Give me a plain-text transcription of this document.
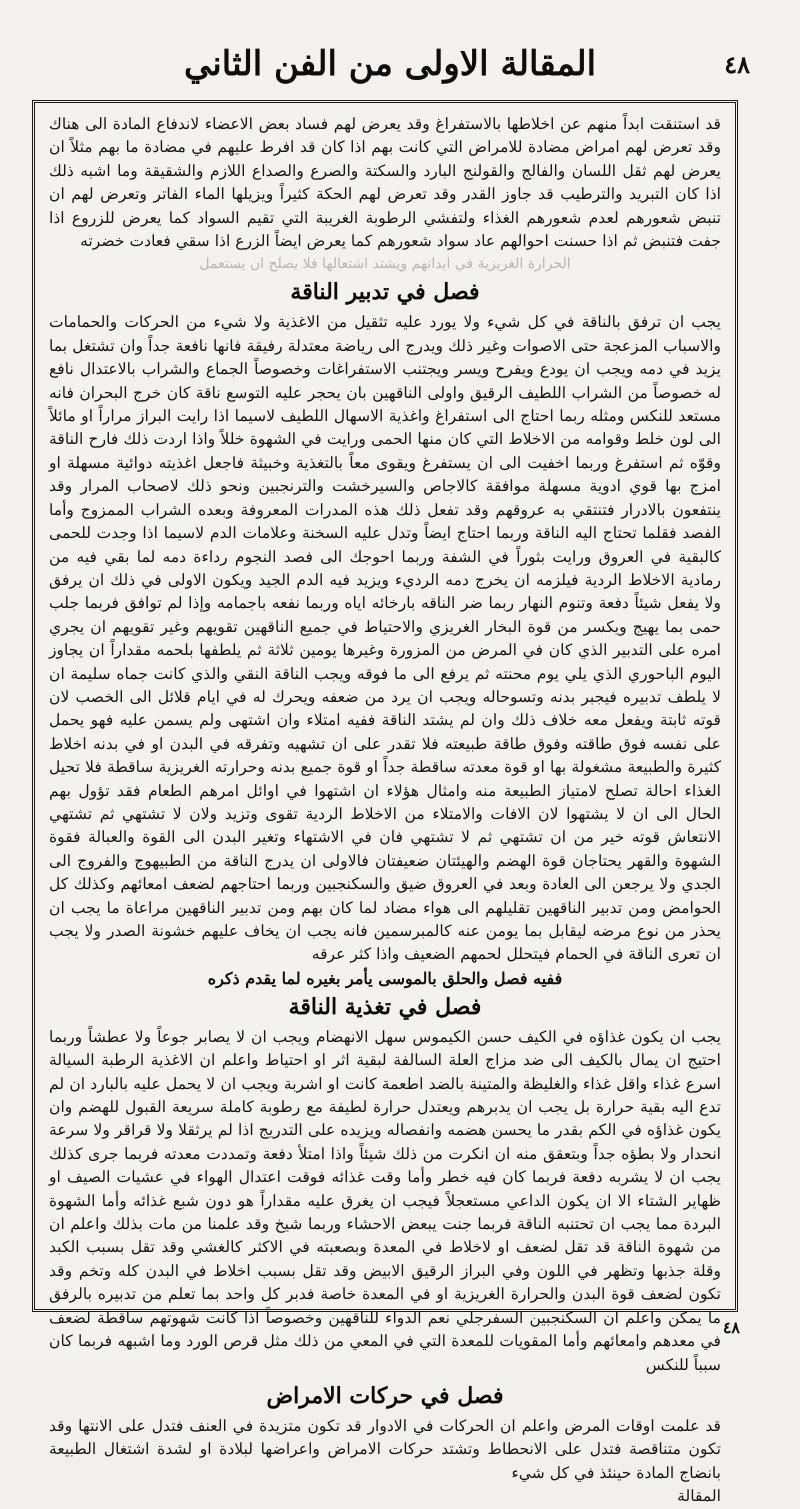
المقالة الاولى من الفن الثاني	٤٨

قد استنقت ابداً منهم عن اخلاطها بالاستفراغ وقد يعرض لهم فساد بعض الاعضاء لاندفاع المادة الى هناك وقد تعرض لهم امراض مضادة للامراض التي كانت بهم اذا كان قد افرط عليهم في مضادة ما بهم مثلاً ان يعرض لهم ثقل اللسان والفالج والقولنج البارد والسكتة والصرع والصداع اللازم والشقيقة وما اشبه ذلك اذا كان التبريد والترطيب قد جاوز القدر وقد تعرض لهم الحكة كثيراً ويزيلها الماء الفاتر وتعرض لهم ان تنبض شعورهم لعدم شعورهم الغذاء ولتفشي الرطوبة الغريبة التي تقيم السواد كما يعرض للزروع اذا جفت فتنبض ثم اذا حسنت احوالهم عاد سواد شعورهم كما يعرض ايضاً الزرع اذا سقي فعادت خضرته

الحرارة الغريزية في ابدانهم ويشتد اشتعالها فلا يصلح ان يستعمل
فصل في تدبير الناقة

يجب ان ترفق بالناقة في كل شيء ولا يورد عليه تثقيل من الاغذية ولا شيء من الحركات والحمامات والاسباب المزعجة حتى الاصوات وغير ذلك ويدرج الى رياضة معتدلة رفيقة فانها نافعة جداً وان تشتغل بما يزيد في دمه ويجب ان يودع ويفرح ويسر ويجتنب الاستفراغات وخصوصاً الجماع والشراب بالاعتدال نافع له خصوصاً من الشراب اللطيف الرقيق واولى الناقهين بان يحجر عليه التوسع ناقة كان خرج البحران فانه مستعد للنكس ومثله ربما احتاج الى استفراغ واغذية الاسهال اللطيف لاسيما اذا رايت البراز مراراً او مائلاً الى لون خلط وقوامه من الاخلاط التي كان منها الحمى ورايت في الشهوة خللاً واذا اردت ذلك فارح الناقة وقوّه ثم استفرغ وربما اخفيت الى ان يستفرغ ويقوى معاً بالتغذية وخبيثة فاجعل اغذيته دوائية مسهلة او امزج بها قوي ادوية مسهلة موافقة كالاجاص والسيرخشت والترنجبين ونحو ذلك لاصحاب المرار وقد ينتفعون بالادرار فتنتقي به عروقهم وقد تفعل ذلك هذه المدرات المعروفة وبعده الشراب الممزوج وأما الفصد فقلما تحتاج اليه الناقة وربما احتاج ايضاً وتدل عليه السخنة وعلامات الدم لاسيما اذا وجدت للحمى كالبقية في العروق ورايت بثوراً في الشفة وربما احوجك الى فصد النجوم رداءة دمه لما بقي فيه من رمادية الاخلاط الردية فيلزمه ان يخرج دمه الرديء ويزيد فيه الدم الجيد ويكون الاولى في ذلك ان يرفق ولا يفعل شيئاً دفعة وتنوم النهار ربما ضر الناقه بارخائه اياه وربما نفعه باجمامه وإذا لم توافق فربما جلب حمى بما يهيج ويكسر من قوة البخار الغريزي والاحتياط في جميع الناقهين تقويهم وغير تقويهم ان يجري امره على التدبير الذي كان في المرض من المزورة وغيرها يومين ثلاثة ثم يلطفها بلحمه مقداراً ان يجاوز اليوم الباحوري الذي يلي يوم محنته ثم يرفع الى ما فوقه ويجب الناقة النقي والذي كانت جماه سليمة ان لا يلطف تدبيره فيجبر بدنه وتسوحاله ويجب ان يرد من ضعفه ويحرك له في ايام قلائل الى الخصب لان قوته ثابتة ويفعل معه خلاف ذلك وان لم يشتد الناقة ففيه امتلاء وان اشتهى ولم يسمن عليه فهو يحمل على نفسه فوق طاقته وفوق طاقة طبيعته فلا تقدر على ان تشهيه وتفرقه في البدن او في بدنه اخلاط كثيرة والطبيعة مشغولة بها او قوة معدته ساقطة جداً او قوة جميع بدنه وحرارته الغريزية ساقطة فلا تحيل الغذاء احالة تصلح لامتياز الطبيعة منه وامثال هؤلاء ان اشتهوا في اوائل امرهم الطعام فقد تؤول بهم الحال الى ان لا يشتهوا لان الافات والامتلاء من الاخلاط الردية تقوى وتزيد ولان لا تشتهي ثم تشتهي الانتعاش قوته خير من ان تشتهي ثم لا تشتهي فان في الاشتهاء وتغير البدن الى القوة والعبالة فقوة الشهوة والقهر يحتاجان قوة الهضم والهيئتان ضعيفتان فالاولى ان يدرج الناقة من الطبيهوج والفروج الى الجدي ولا يرجعن الى العادة وبعد في العروق ضيق والسكنجبين وربما احتاجهم لضعف امعائهم وكذلك كل الحوامض ومن تدبير الناقهين تقليلهم الى هواء مضاد لما كان بهم ومن تدبير الناقهين مراعاة ما يجب ان يحذر من نوع مرضه ليقابل بما يومن عنه كالمبرسمين فانه يجب ان يخاف عليهم خشونة الصدر ولا يجب ان تعرى الناقة في الحمام فيتحلل لحمهم الضعيف واذا كثر عرقه

ففيه فصل والحلق بالموسى يأمر بغيره لما يقدم ذكره
فصل في تغذية الناقة

يجب ان يكون غذاؤه في الكيف حسن الكيموس سهل الانهضام ويجب ان لا يصابر جوعاً ولا عطشاً وربما احتيج ان يمال بالكيف الى ضد مزاج العلة السالفة لبقية اثر او احتياط واعلم ان الاغذية الرطبة السيالة اسرع غذاء واقل غذاء والغليظة والمتينة بالضد اطعمة كانت او اشربة ويجب ان لا يحمل عليه بالبارد ان لم تدع اليه بقية حرارة بل يجب ان يدبرهم ويعتدل حرارة لطيفة مع رطوبة كاملة سريعة القبول للهضم وان يكون غذاؤه في الكم بقدر ما يحسن هضمه وانفصاله ويزيده على التدريج اذا لم يرثقلا ولا قراقر ولا سرعة انحدار ولا بطؤه جداً وبتعقق منه ان انكرت من ذلك شيئاً واذا امتلأ دفعة وتمددت معدته فربما جرى كذلك يجب ان لا يشربه دفعة فربما كان فيه خطر وأما وقت غذائه فوقت اعتدال الهواء في عشيات الصيف او ظهاير الشتاء الا ان يكون الداعي مستعجلاً فيجب ان يغرق عليه مقداراً هو دون شبع غذائه وأما الشهوة البردة مما يجب ان تحتنبه الناقة فربما جنت يبعض الاحشاء وربما شيخ وقد علمنا من مات بذلك واعلم ان من شهوة الناقة قد تقل لضعف او لاخلاط في المعدة وبصعبته في الاكثر كالغشي وقد تقل بسبب الكبد وقلة جذبها وتظهر في اللون وفي البراز الرقيق الابيض وقد تقل بسبب اخلاط في البدن كله وتخم وقد تكون لضعف قوة البدن والحرارة الغريزية او في المعدة خاصة فدبر كل واحد بما تعلم من تدبيره بالرفق ما يمكن واعلم ان السكنجبين السفرجلي نعم الدواء للناقهين وخصوصاً اذا كانت شهوتهم ساقطة لضعف في معدهم وامعائهم وأما المقويات للمعدة التي في المعي من ذلك مثل قرص الورد وما اشبهه فربما كان سبباً للنكس

فصل في حركات الامراض

قد علمت اوقات المرض واعلم ان الحركات في الادوار قد تكون متزيدة في العنف فتدل على الانتها وقد تكون متناقصة فتدل على الانحطاط وتشتد حركات الامراض واعراضها لبلادة او لشدة اشتغال الطبيعة بانضاج المادة حينئذ في كل شيء

المقالة

٤٨
